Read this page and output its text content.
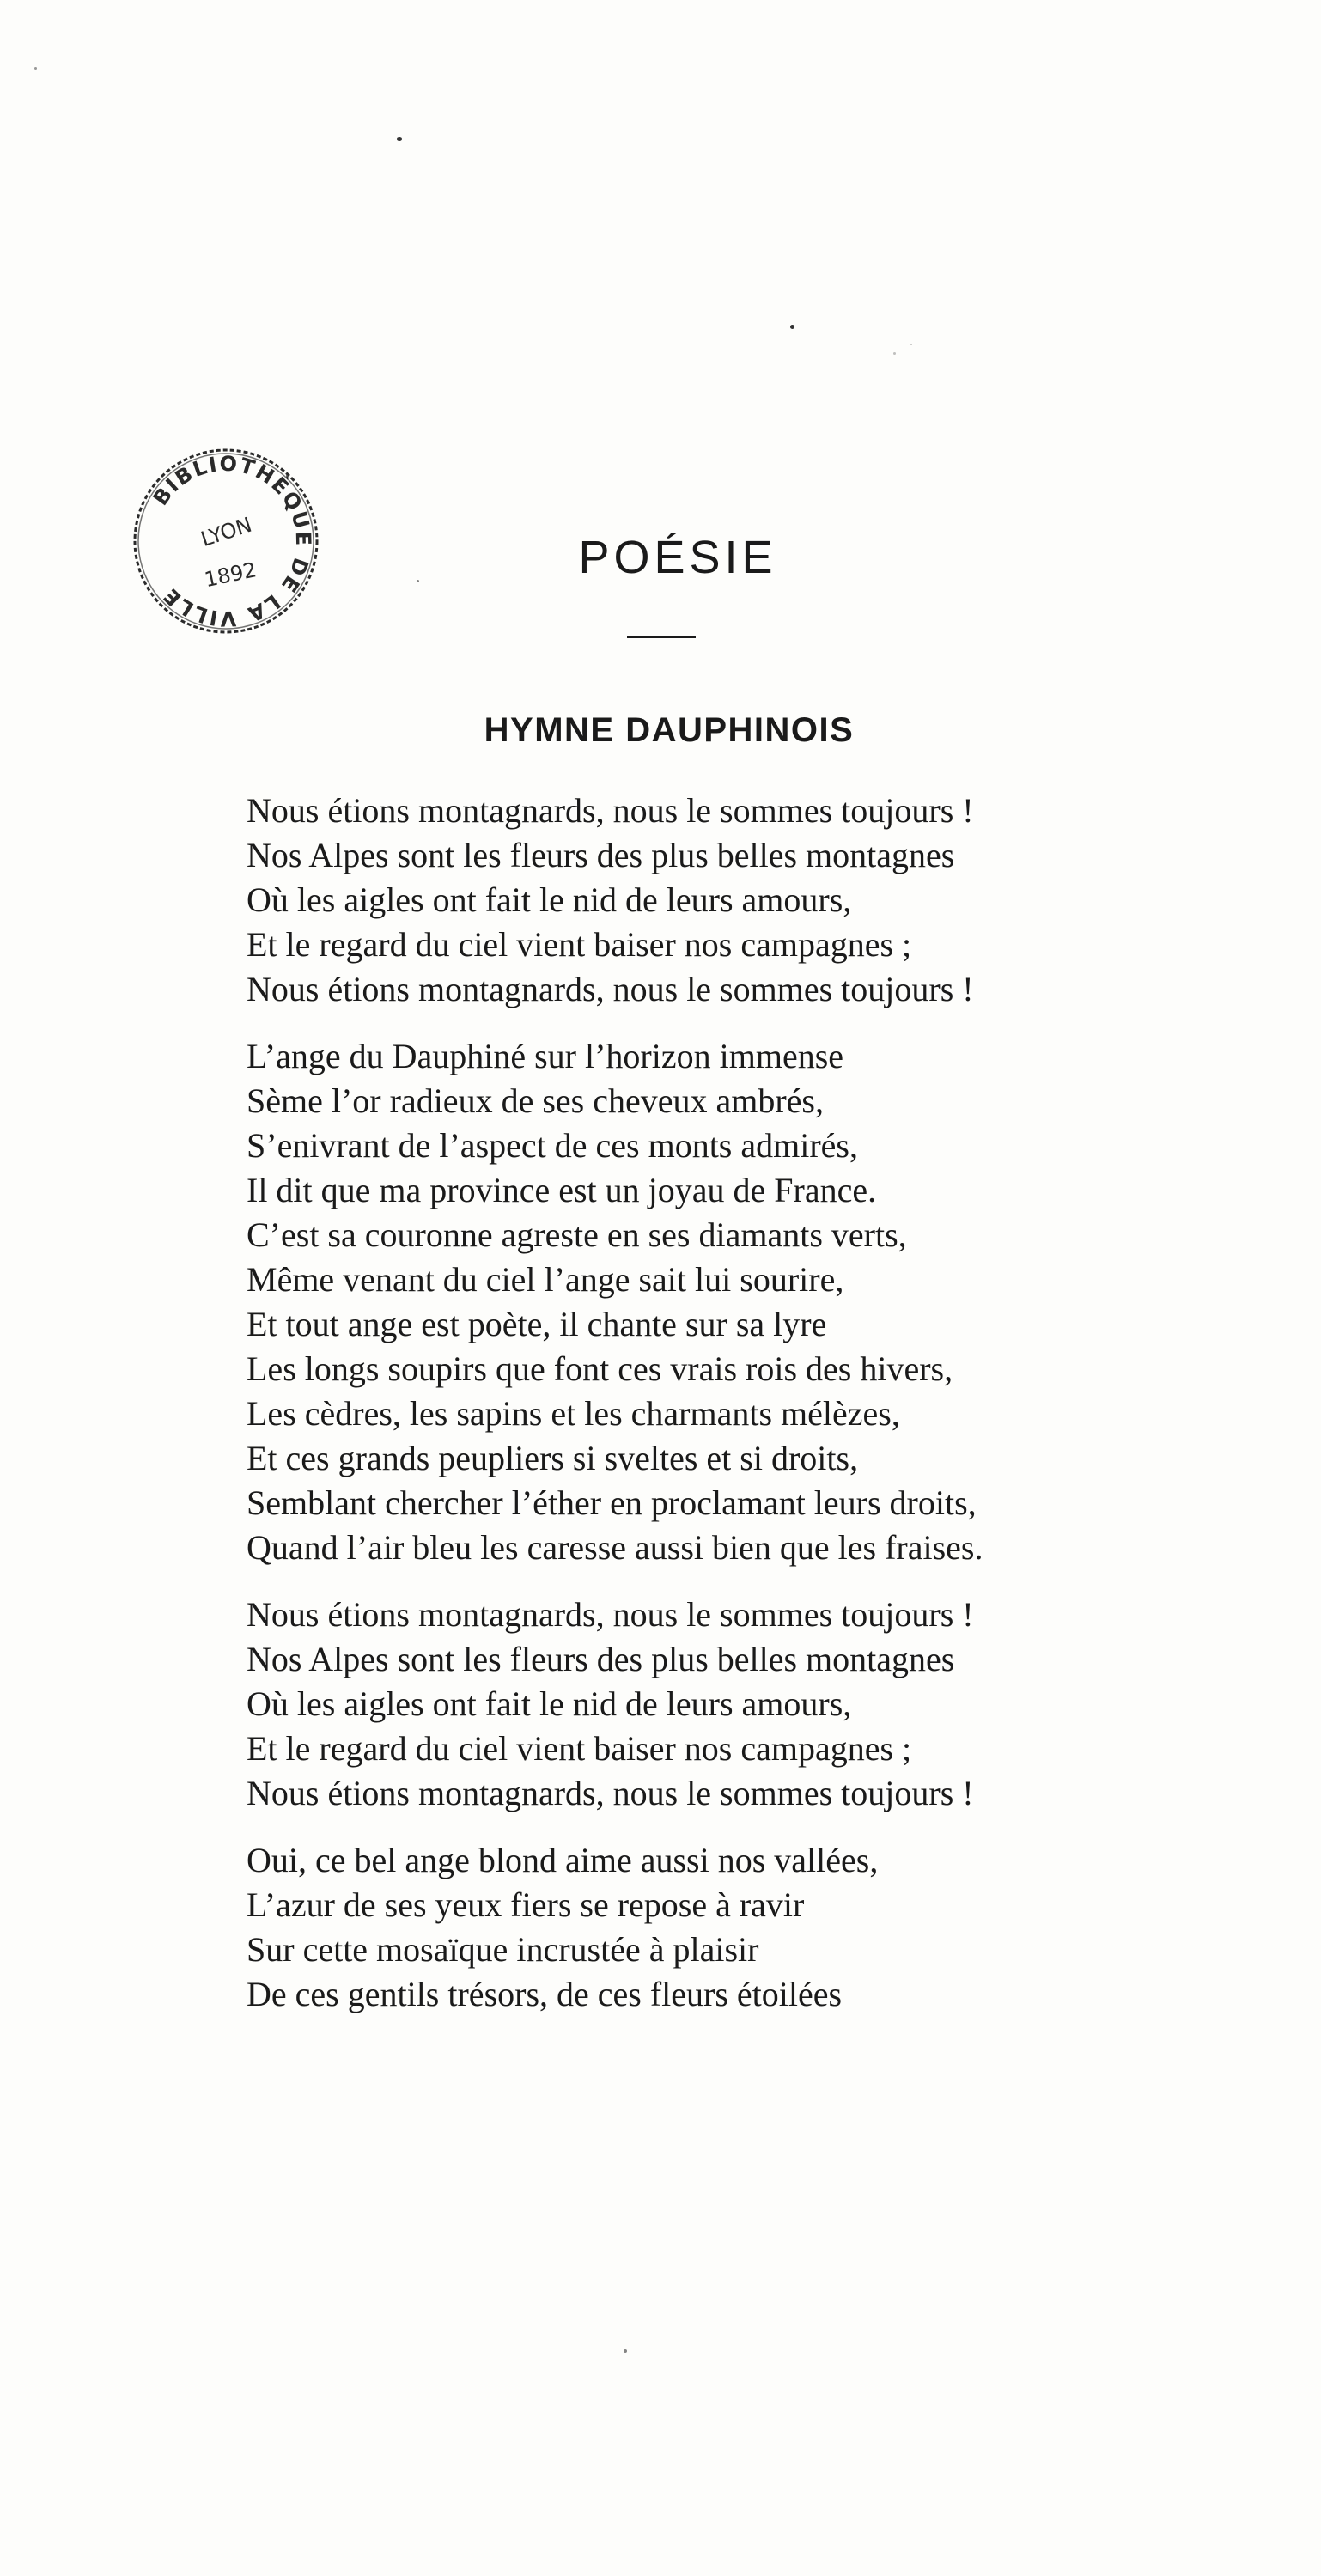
BIBLIOTHÈQUE DE LA VILLE
LYON
1892	POÉSIE
HYMNE DAUPHINOIS
Nous étions montagnards, nous le sommes toujours !
Nos Alpes sont les fleurs des plus belles montagnes
Où les aigles ont fait le nid de leurs amours,
Et le regard du ciel vient baiser nos campagnes ;
Nous étions montagnards, nous le sommes toujours !
L’ange du Dauphiné sur l’horizon immense
Sème l’or radieux de ses cheveux ambrés,
S’enivrant de l’aspect de ces monts admirés,
Il dit que ma province est un joyau de France.
C’est sa couronne agreste en ses diamants verts,
Même venant du ciel l’ange sait lui sourire,
Et tout ange est poète, il chante sur sa lyre
Les longs soupirs que font ces vrais rois des hivers,
Les cèdres, les sapins et les charmants mélèzes,
Et ces grands peupliers si sveltes et si droits,
Semblant chercher l’éther en proclamant leurs droits,
Quand l’air bleu les caresse aussi bien que les fraises.
Nous étions montagnards, nous le sommes toujours !
Nos Alpes sont les fleurs des plus belles montagnes
Où les aigles ont fait le nid de leurs amours,
Et le regard du ciel vient baiser nos campagnes ;
Nous étions montagnards, nous le sommes toujours !
Oui, ce bel ange blond aime aussi nos vallées,
L’azur de ses yeux fiers se repose à ravir
Sur cette mosaïque incrustée à plaisir
De ces gentils trésors, de ces fleurs étoilées
